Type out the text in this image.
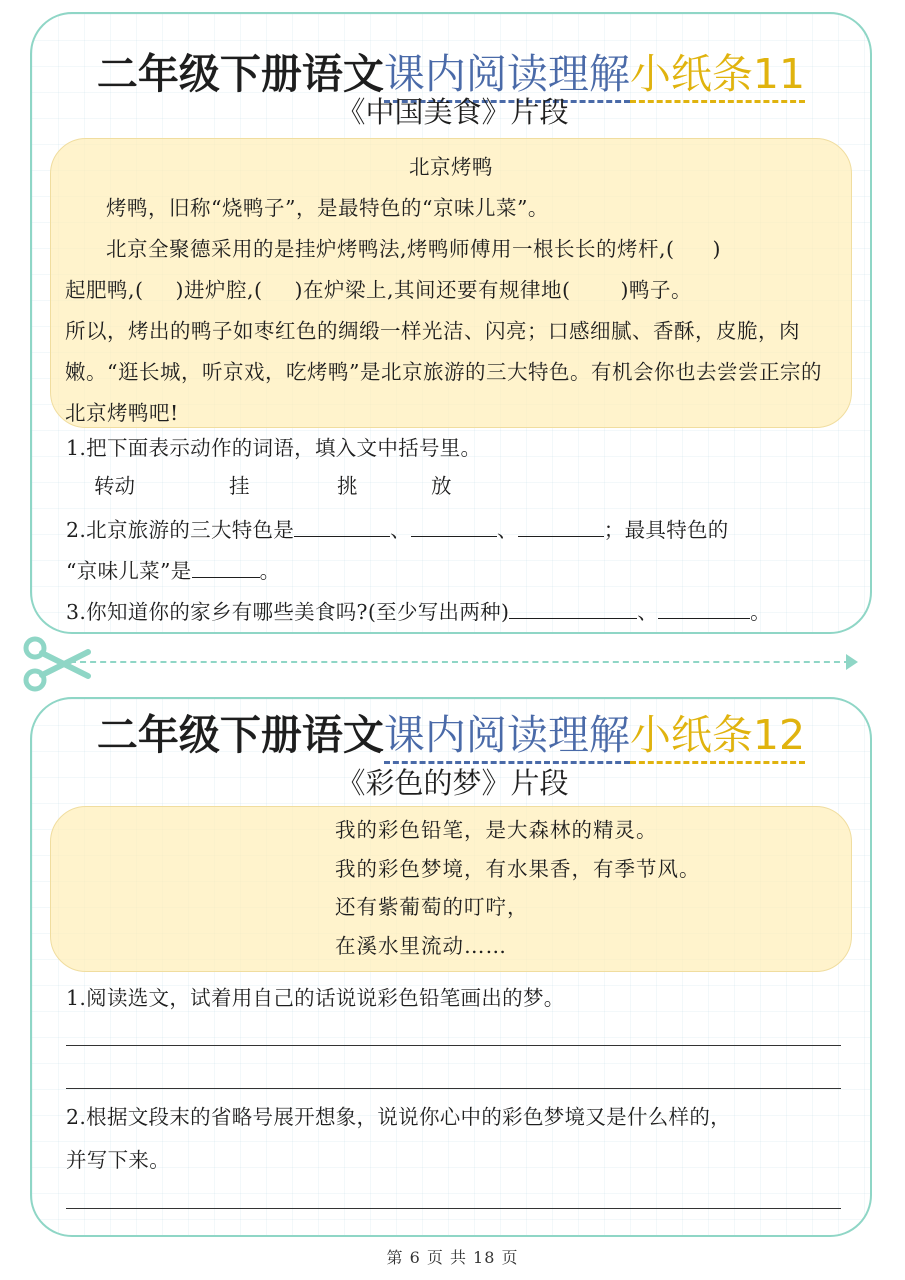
二年级下册语文课内阅读理解小纸条11
《中国美食》片段
北京烤鸭
烤鸭，旧称“烧鸭子”，是最特色的“京味儿菜”。
北京全聚德采用的是挂炉烤鸭法,烤鸭师傅用一根长长的烤杆,( )
起肥鸭,( )进炉腔,( )在炉梁上,其间还要有规律地( )鸭子。
所以，烤出的鸭子如枣红色的绸缎一样光洁、闪亮；口感细腻、香酥，皮脆，肉嫩。“逛长城，听京戏，吃烤鸭”是北京旅游的三大特色。有机会你也去尝尝正宗的北京烤鸭吧!
1.把下面表示动作的词语，填入文中括号里。
转动	挂	挑	放
2.北京旅游的三大特色是	、	、	；最具特色的
“京味儿菜”是	。
3.你知道你的家乡有哪些美食吗?(至少写出两种)	、	。
二年级下册语文课内阅读理解小纸条12
《彩色的梦》片段
我的彩色铅笔，是大森林的精灵。
我的彩色梦境，有水果香，有季节风。
还有紫葡萄的叮咛，
在溪水里流动……
1.阅读选文，试着用自己的话说说彩色铅笔画出的梦。
2.根据文段末的省略号展开想象，说说你心中的彩色梦境又是什么样的，
并写下来。
第 6 页 共 18 页
